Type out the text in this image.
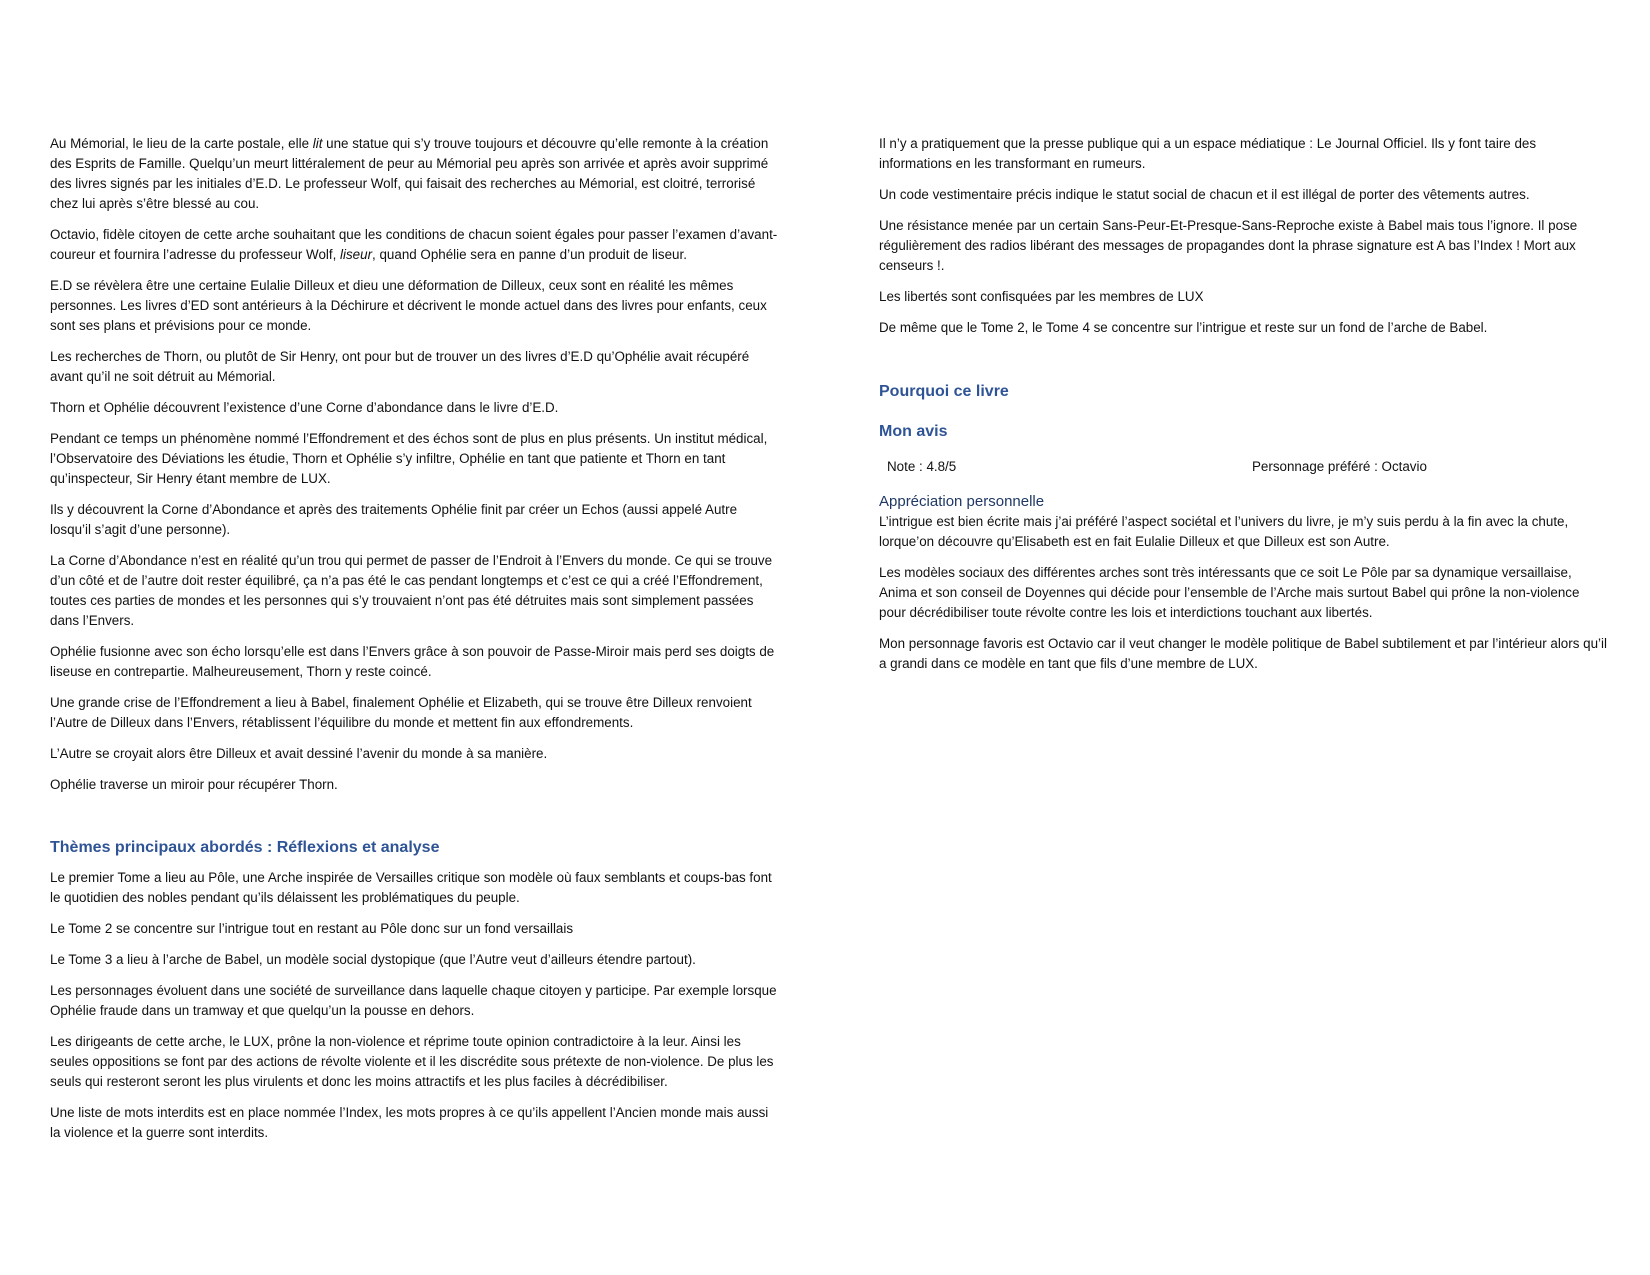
Au Mémorial, le lieu de la carte postale, elle lit une statue qui s’y trouve toujours et découvre qu’elle remonte à la création des Esprits de Famille. Quelqu’un meurt littéralement de peur au Mémorial peu après son arrivée et après avoir supprimé des livres signés par les initiales d’E.D. Le professeur Wolf, qui faisait des recherches au Mémorial, est cloitré, terrorisé chez lui après s’être blessé au cou.

Octavio, fidèle citoyen de cette arche souhaitant que les conditions de chacun soient égales pour passer l’examen d’avant-coureur et fournira l’adresse du professeur Wolf, liseur, quand Ophélie sera en panne d’un produit de liseur.

E.D se révèlera être une certaine Eulalie Dilleux et dieu une déformation de Dilleux, ceux sont en réalité les mêmes personnes. Les livres d’ED sont antérieurs à la Déchirure et décrivent le monde actuel dans des livres pour enfants, ceux sont ses plans et prévisions pour ce monde.

Les recherches de Thorn, ou plutôt de Sir Henry, ont pour but de trouver un des livres d’E.D qu’Ophélie avait récupéré avant qu’il ne soit détruit au Mémorial.

Thorn et Ophélie découvrent l’existence d’une Corne d’abondance dans le livre d’E.D.

Pendant ce temps un phénomène nommé l’Effondrement et des échos sont de plus en plus présents. Un institut médical, l’Observatoire des Déviations les étudie, Thorn et Ophélie s’y infiltre, Ophélie en tant que patiente et Thorn en tant qu’inspecteur, Sir Henry étant membre de LUX.

Ils y découvrent la Corne d’Abondance et après des traitements Ophélie finit par créer un Echos (aussi appelé Autre losqu’il s’agit d’une personne).

La Corne d’Abondance n’est en réalité qu’un trou qui permet de passer de l’Endroit à l’Envers du monde. Ce qui se trouve d’un côté et de l’autre doit rester équilibré, ça n’a pas été le cas pendant longtemps et c’est ce qui a créé l’Effondrement, toutes ces parties de mondes et les personnes qui s’y trouvaient n’ont pas été détruites mais sont simplement passées dans l’Envers.

Ophélie fusionne avec son écho lorsqu’elle est dans l’Envers grâce à son pouvoir de Passe-Miroir mais perd ses doigts de liseuse en contrepartie. Malheureusement, Thorn y reste coincé.

Une grande crise de l’Effondrement a lieu à Babel, finalement Ophélie et Elizabeth, qui se trouve être Dilleux renvoient l’Autre de Dilleux dans l’Envers, rétablissent l’équilibre du monde et mettent fin aux effondrements.

L’Autre se croyait alors être Dilleux et avait dessiné l’avenir du monde à sa manière.

Ophélie traverse un miroir pour récupérer Thorn.

Thèmes principaux abordés : Réflexions et analyse

Le premier Tome a lieu au Pôle, une Arche inspirée de Versailles critique son modèle où faux semblants et coups-bas font le quotidien des nobles pendant qu’ils délaissent les problématiques du peuple.

Le Tome 2 se concentre sur l’intrigue tout en restant au Pôle donc sur un fond versaillais

Le Tome 3 a lieu à l’arche de Babel, un modèle social dystopique (que l’Autre veut d’ailleurs étendre partout).

Les personnages évoluent dans une société de surveillance dans laquelle chaque citoyen y participe. Par exemple lorsque Ophélie fraude dans un tramway et que quelqu’un la pousse en dehors.

Les dirigeants de cette arche, le LUX, prône la non-violence et réprime toute opinion contradictoire à la leur. Ainsi les seules oppositions se font par des actions de révolte violente et il les discrédite sous prétexte de non-violence. De plus les seuls qui resteront seront les plus virulents et donc les moins attractifs et les plus faciles à décrédibiliser.

Une liste de mots interdits est en place nommée l’Index, les mots propres à ce qu’ils appellent l’Ancien monde mais aussi la violence et la guerre sont interdits.

Il n’y a pratiquement que la presse publique qui a un espace médiatique : Le Journal Officiel. Ils y font taire des informations en les transformant en rumeurs.

Un code vestimentaire précis indique le statut social de chacun et il est illégal de porter des vêtements autres.

Une résistance menée par un certain Sans-Peur-Et-Presque-Sans-Reproche existe à Babel mais tous l’ignore. Il pose régulièrement des radios libérant des messages de propagandes dont la phrase signature est A bas l’Index ! Mort aux censeurs !.

Les libertés sont confisquées par les membres de LUX

De même que le Tome 2, le Tome 4 se concentre sur l’intrigue et reste sur un fond de l’arche de Babel.

Pourquoi ce livre
Mon avis
Note : 4.8/5	Personnage préféré : Octavio
Appréciation personnelle

L’intrigue est bien écrite mais j’ai préféré l’aspect sociétal et l’univers du livre, je m’y suis perdu à la fin avec la chute, lorque’on découvre qu’Elisabeth est en fait Eulalie Dilleux et que Dilleux est son Autre.

Les modèles sociaux des différentes arches sont très intéressants que ce soit Le Pôle par sa dynamique versaillaise, Anima et son conseil de Doyennes qui décide pour l’ensemble de l’Arche mais surtout Babel qui prône la non-violence pour décrédibiliser toute révolte contre les lois et interdictions touchant aux libertés.

Mon personnage favoris est Octavio car il veut changer le modèle politique de Babel subtilement et par l’intérieur alors qu’il a grandi dans ce modèle en tant que fils d’une membre de LUX.
